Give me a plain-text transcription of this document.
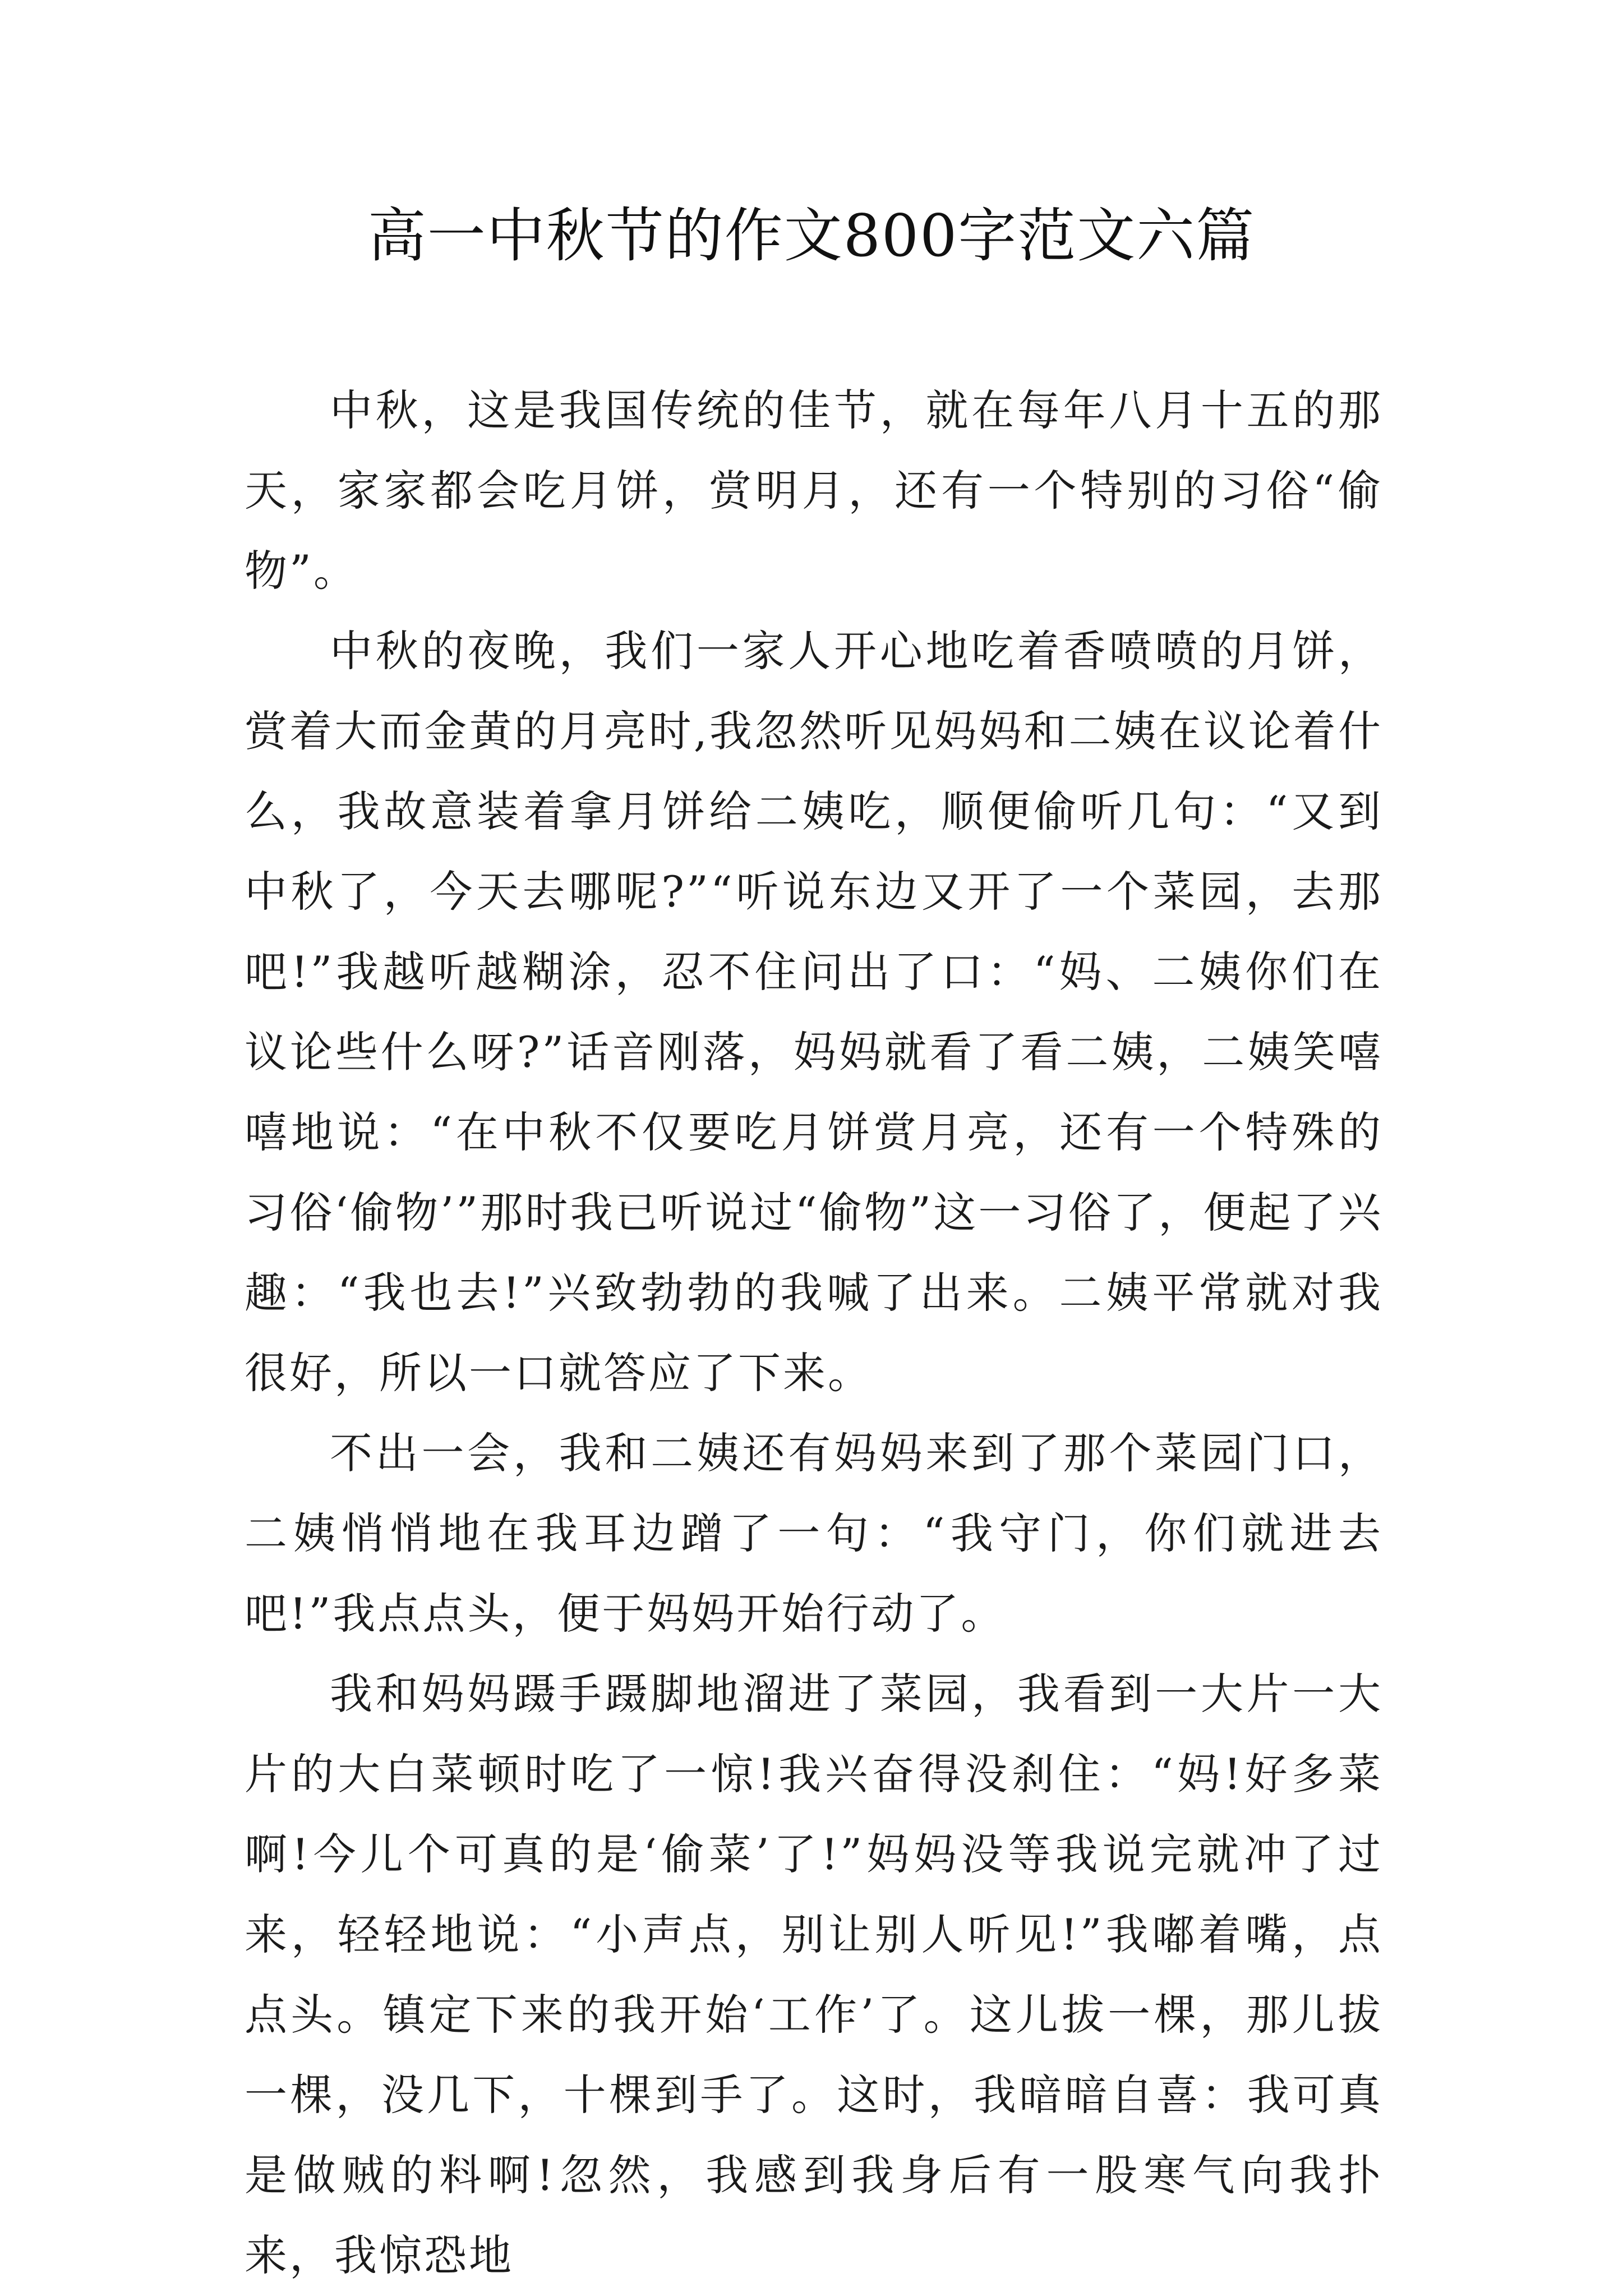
高一中秋节的作文800字范文六篇

中秋，这是我国传统的佳节，就在每年八月十五的那天，家家都会吃月饼，赏明月，还有一个特别的习俗“偷物”。

中秋的夜晚，我们一家人开心地吃着香喷喷的月饼，赏着大而金黄的月亮时,我忽然听见妈妈和二姨在议论着什么，我故意装着拿月饼给二姨吃，顺便偷听几句：“又到中秋了，今天去哪呢?”“听说东边又开了一个菜园，去那吧!”我越听越糊涂，忍不住问出了口：“妈、二姨你们在议论些什么呀?”话音刚落，妈妈就看了看二姨，二姨笑嘻嘻地说：“在中秋不仅要吃月饼赏月亮，还有一个特殊的习俗‘偷物’”那时我已听说过“偷物”这一习俗了，便起了兴趣：“我也去!”兴致勃勃的我喊了出来。二姨平常就对我很好，所以一口就答应了下来。

不出一会，我和二姨还有妈妈来到了那个菜园门口，二姨悄悄地在我耳边蹭了一句：“我守门，你们就进去吧!”我点点头，便于妈妈开始行动了。

我和妈妈蹑手蹑脚地溜进了菜园，我看到一大片一大片的大白菜顿时吃了一惊!我兴奋得没刹住：“妈!好多菜啊!今儿个可真的是‘偷菜’了!”妈妈没等我说完就冲了过来，轻轻地说：“小声点，别让别人听见!”我嘟着嘴，点点头。镇定下来的我开始‘工作’了。这儿拔一棵，那儿拔一棵，没几下，十棵到手了。这时，我暗暗自喜：我可真是做贼的料啊!忽然，我感到我身后有一股寒气向我扑来，我惊恐地
